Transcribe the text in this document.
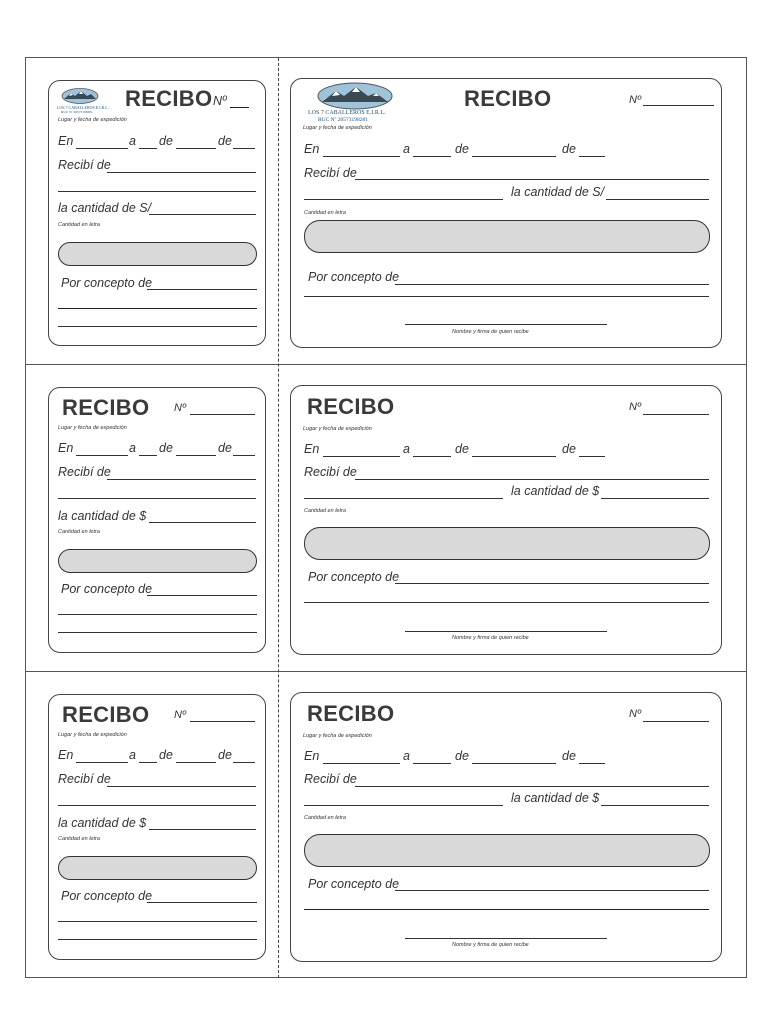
LOS 7 CABALLEROS E.I.R.L.
RUC Nº 20573198281
RECIBO Nº
Lugar y fecha de expedición
En	a de	de
Recibí de
la cantidad de S/
Cantidad en letra
Por concepto de
LOS 7 CABALLEROS E.I.R.L.
RUC Nº 20573198281
Lugar y fecha de expedición
RECIBO	Nº
En	a	de	de
Recibí de
la cantidad de S/
Cantidad en letra
Por concepto de
Nombre y firma de quien recibe
RECIBO Nº
Lugar y fecha de expedición
En	a de	de
Recibí de
la cantidad de $
Cantidad en letra
Por concepto de
RECIBO	Nº
Lugar y fecha de expedición
En	a	de	de
Recibí de
la cantidad de $
Cantidad en letra
Por concepto de
Nombre y firma de quien recibe
RECIBO Nº
Lugar y fecha de expedición
En	a de	de
Recibí de
la cantidad de $
Cantidad en letra
Por concepto de
RECIBO	Nº
Lugar y fecha de expedición
En	a	de	de
Recibí de
la cantidad de $
Cantidad en letra
Por concepto de
Nombre y firma de quien recibe
